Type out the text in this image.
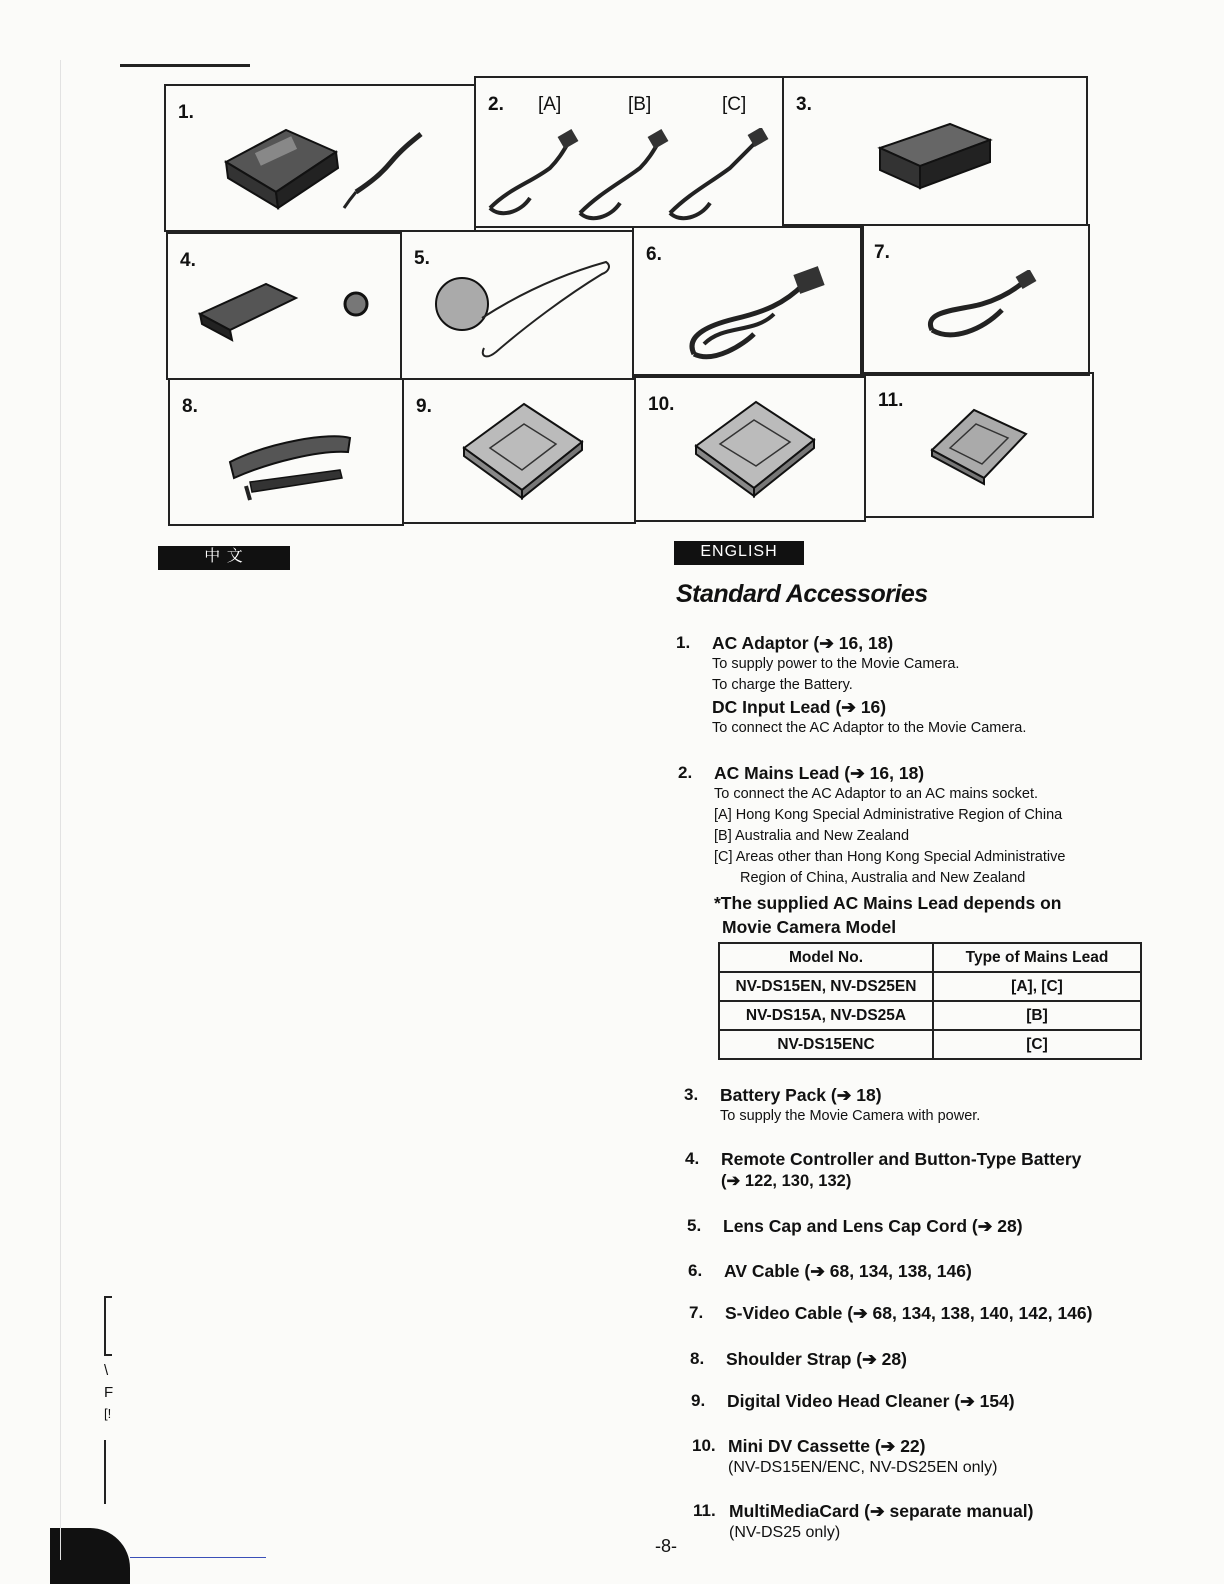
\
F
[!
1.	2. [A]	[B]	[C]	3.
4.	5.	6.	7.
8.	9.	10.	11.
中 文	ENGLISH
Standard Accessories
1. AC Adaptor (➔ 16, 18)
To supply power to the Movie Camera.
To charge the Battery.
DC Input Lead (➔ 16)
To connect the AC Adaptor to the Movie Camera.
2. AC Mains Lead (➔ 16, 18)
To connect the AC Adaptor to an AC mains socket.
[A] Hong Kong Special Administrative Region of China
[B] Australia and New Zealand
[C] Areas other than Hong Kong Special Administrative
Region of China, Australia and New Zealand
*The supplied AC Mains Lead depends on
Movie Camera Model
Model No.	Type of Mains Lead
NV-DS15EN, NV-DS25EN	[A], [C]
NV-DS15A, NV-DS25A	[B]
NV-DS15ENC	[C]
3. Battery Pack (➔ 18)
To supply the Movie Camera with power.
4. Remote Controller and Button-Type Battery
(➔ 122, 130, 132)
5. Lens Cap and Lens Cap Cord (➔ 28)
6. AV Cable (➔ 68, 134, 138, 146)
7. S-Video Cable (➔ 68, 134, 138, 140, 142, 146)
8. Shoulder Strap (➔ 28)
9. Digital Video Head Cleaner (➔ 154)
10. Mini DV Cassette (➔ 22)
(NV-DS15EN/ENC, NV-DS25EN only)
11. MultiMediaCard (➔ separate manual)
(NV-DS25 only)
-8-
